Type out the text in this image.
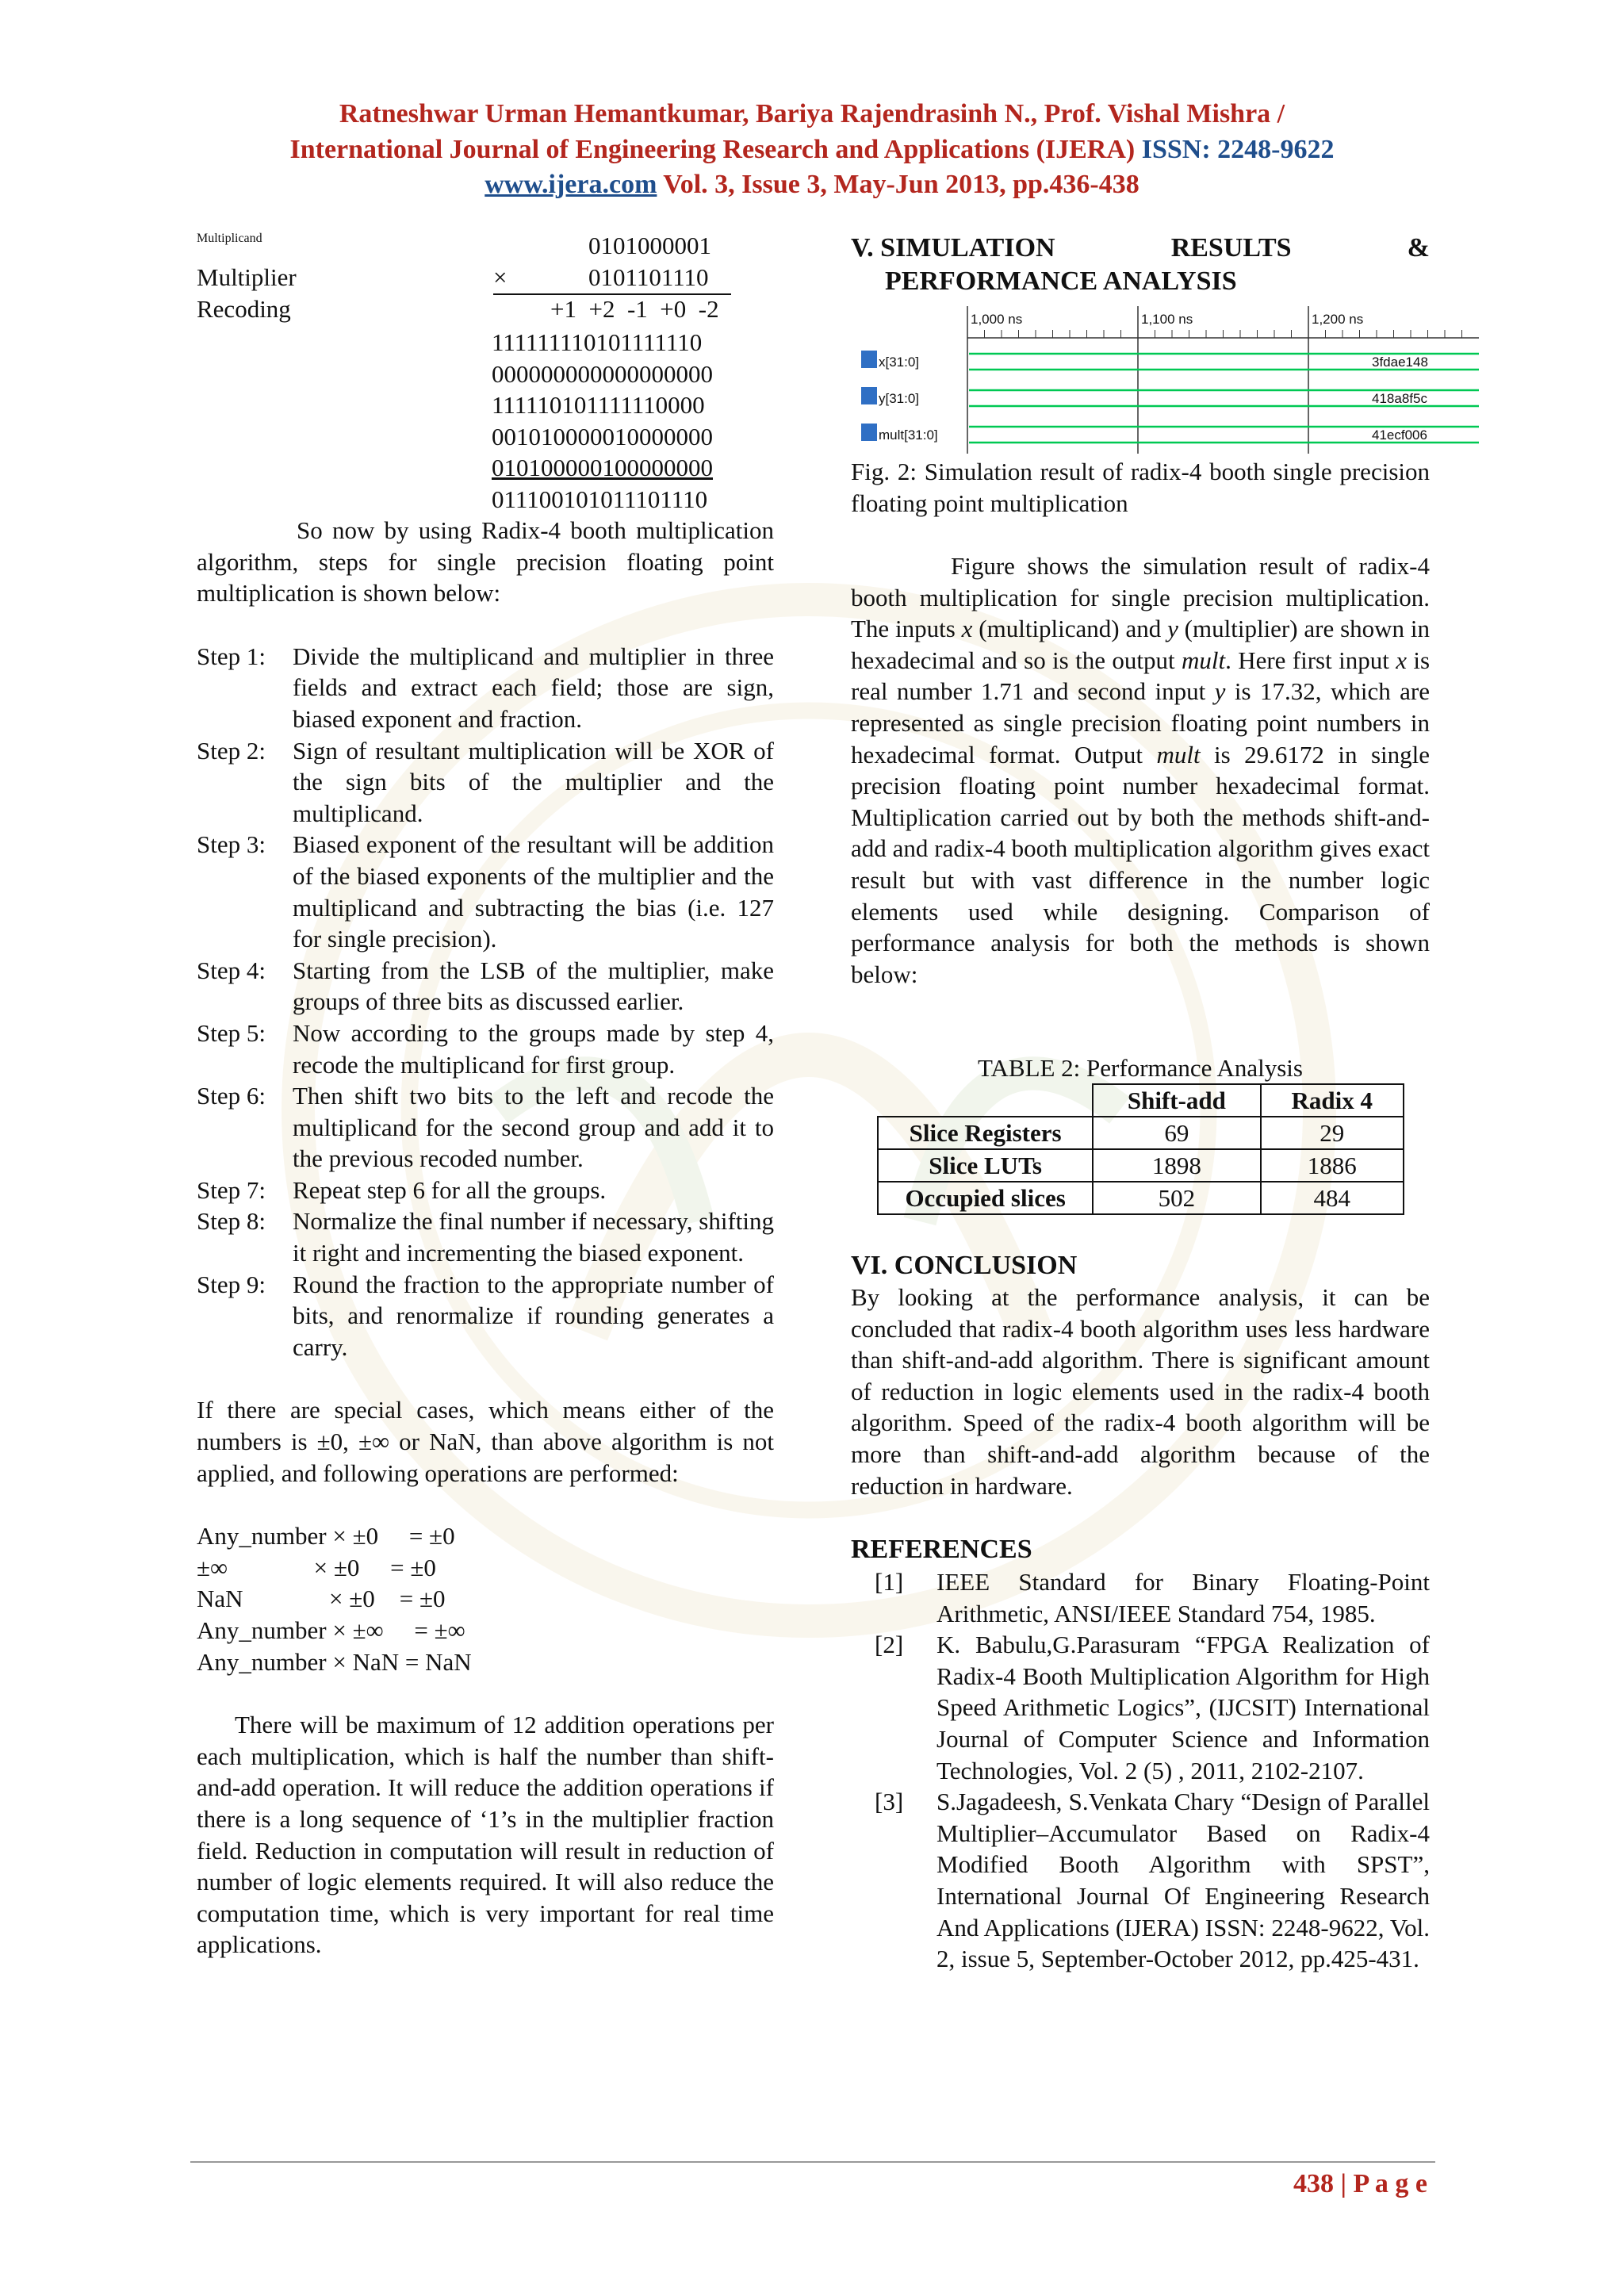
Ratneshwar Urman Hemantkumar, Bariya Rajendrasinh N., Prof. Vishal Mishra /
International Journal of Engineering Research and Applications (IJERA) ISSN: 2248-9622
www.ijera.com Vol. 3, Issue 3, May-Jun 2013, pp.436-438
Multiplicand	0101000001
Multiplier	×	0101101110
Recoding	+1  +2  -1  +0  -2
111111110101111110
000000000000000000
111110101111110000
001010000010000000
010100000100000000
011100101011101110
So now by using Radix-4 booth multiplication algorithm, steps for single precision floating point multiplication is shown below:
Step 1: Divide the multiplicand and multiplier in three fields and extract each field; those are sign, biased exponent and fraction.
Step 2: Sign of resultant multiplication will be XOR of the sign bits of the multiplier and the multiplicand.
Step 3: Biased exponent of the resultant will be addition of the biased exponents of the multiplier and the multiplicand and subtracting the bias (i.e. 127 for single precision).
Step 4: Starting from the LSB of the multiplier, make groups of three bits as discussed earlier.
Step 5: Now according to the groups made by step 4, recode the multiplicand for first group.
Step 6: Then shift two bits to the left and recode the multiplicand for the second group and add it to the previous recoded number.
Step 7: Repeat step 6 for all the groups.
Step 8: Normalize the final number if necessary, shifting it right and incrementing the biased exponent.
Step 9: Round the fraction to the appropriate number of bits, and renormalize if rounding generates a carry.
If there are special cases, which means either of the numbers is ±0, ±∞ or NaN, than above algorithm is not applied, and following operations are performed:
Any_number × ±0     = ±0
±∞              × ±0     = ±0
NaN              × ±0    = ±0
Any_number × ±∞     = ±∞
Any_number × NaN = NaN
There will be maximum of 12 addition operations per each multiplication, which is half the number than shift-and-add operation. It will reduce the addition operations if there is a long sequence of ‘1’s in the multiplier fraction field. Reduction in computation will result in reduction of number of logic elements required. It will also reduce the computation time, which is very important for real time applications.
V. SIMULATION	RESULTS	&
PERFORMANCE ANALYSIS
1,000 ns	1,100 ns	1,200 ns
x[31:0]	3fdae148
y[31:0]	418a8f5c
mult[31:0]	41ecf006
Fig. 2: Simulation result of radix-4 booth single precision floating point multiplication
Figure shows the simulation result of radix-4 booth multiplication for single precision multiplication. The inputs x (multiplicand) and y (multiplier) are shown in hexadecimal and so is the output mult. Here first input x is real number 1.71 and second input y is 17.32, which are represented as single precision floating point numbers in hexadecimal format. Output mult is 29.6172 in single precision floating point number hexadecimal format. Multiplication carried out by both the methods shift-and-add and radix-4 booth multiplication algorithm gives exact result but with vast difference in the number logic elements used while designing. Comparison of performance analysis for both the methods is shown below:
TABLE 2: Performance Analysis
	Shift-add	Radix 4
Slice Registers	69	29
Slice LUTs	1898	1886
Occupied slices	502	484
VI. CONCLUSION
By looking at the performance analysis, it can be concluded that radix-4 booth algorithm uses less hardware than shift-and-add algorithm. There is significant amount of reduction in logic elements used in the radix-4 booth algorithm. Speed of the radix-4 booth algorithm will be more than shift-and-add algorithm because of the reduction in hardware.
REFERENCES
[1] IEEE Standard for Binary Floating-Point Arithmetic, ANSI/IEEE Standard 754, 1985.
[2] K. Babulu,G.Parasuram “FPGA Realization of Radix-4 Booth Multiplication Algorithm for High Speed Arithmetic Logics”, (IJCSIT) International Journal of Computer Science and Information Technologies, Vol. 2 (5) , 2011, 2102-2107.
[3] S.Jagadeesh, S.Venkata Chary “Design of Parallel Multiplier–Accumulator Based on Radix-4 Modified Booth Algorithm with SPST”, International Journal Of Engineering Research And Applications (IJERA) ISSN: 2248-9622, Vol. 2, issue 5, September-October 2012, pp.425-431.
438 | P a g e
